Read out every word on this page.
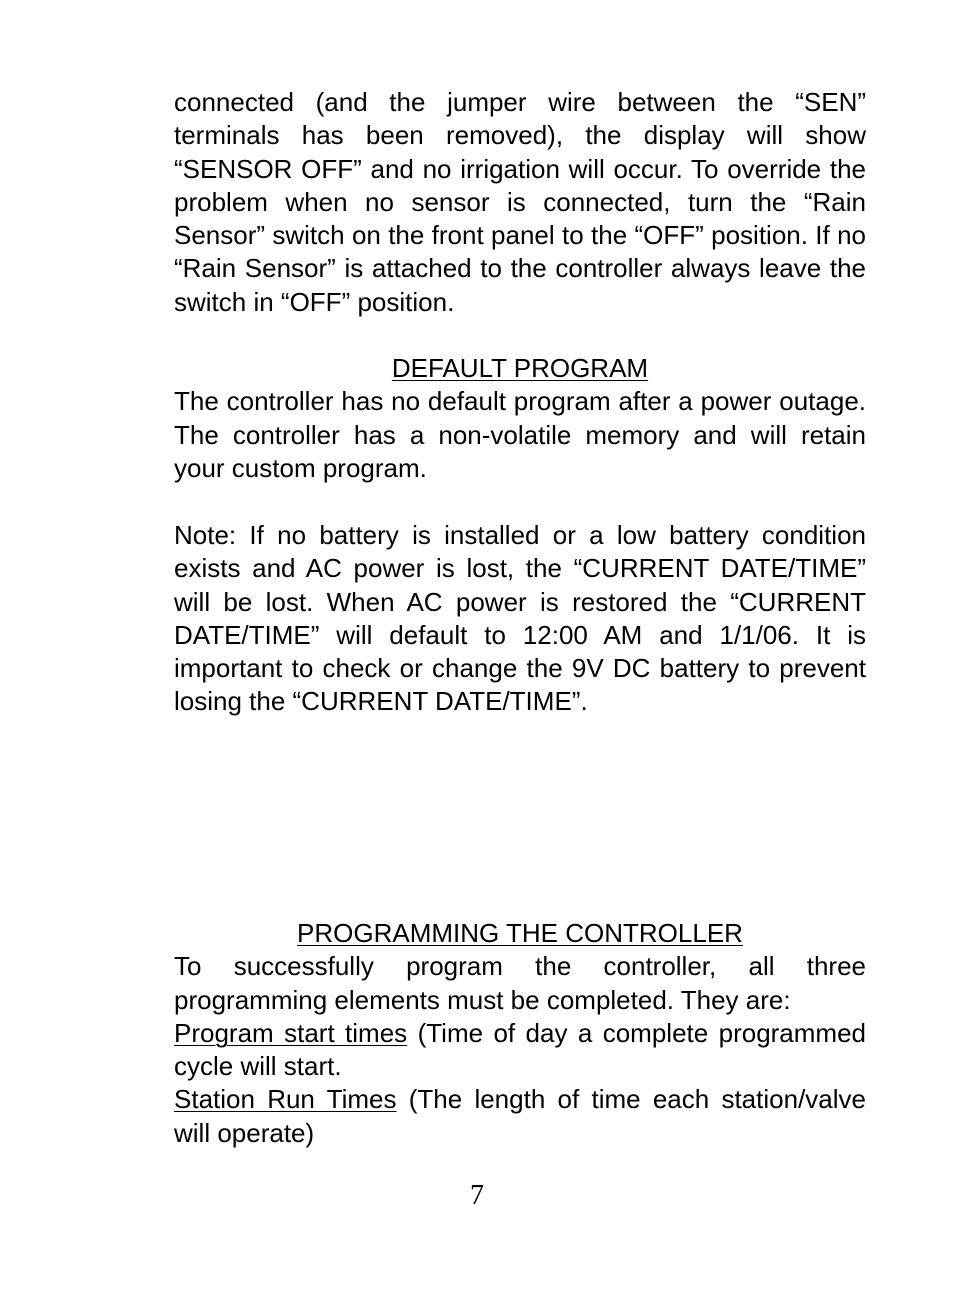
connected (and the jumper wire between the “SEN” terminals has been removed), the display will show “SENSOR OFF” and no irrigation will occur. To override the problem when no sensor is connected, turn the “Rain Sensor” switch on the front panel to the “OFF” position. If no “Rain Sensor” is attached to the controller always leave the switch in “OFF” position.

DEFAULT PROGRAM

The controller has no default program after a power outage. The controller has a non-volatile memory and will retain your custom program.

Note: If no battery is installed or a low battery condition exists and AC power is lost, the “CURRENT DATE/TIME” will be lost. When AC power is restored the “CURRENT DATE/TIME” will default to 12:00 AM and 1/1/06. It is important to check or change the 9V DC battery to prevent losing the “CURRENT DATE/TIME”.

PROGRAMMING THE CONTROLLER

To successfully program the controller, all three programming elements must be completed. They are:

Program start times (Time of day a complete programmed cycle will start.

Station Run Times (The length of time each station/valve will operate)

7
